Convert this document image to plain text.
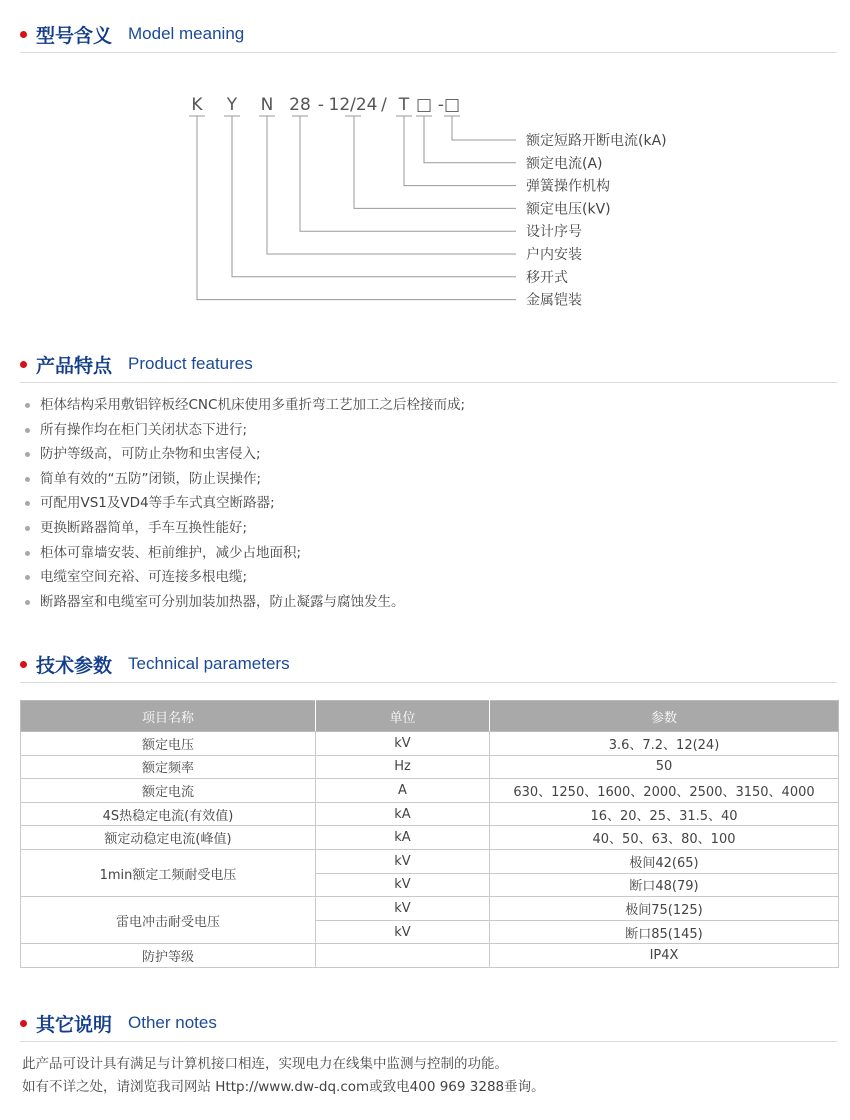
型号含义 Model meaning
K Y N 28 - 12/24 / T □ - □
额定短路开断电流(kA)
额定电流(A)
弹簧操作机构
额定电压(kV)
设计序号
户内安装
移开式
金属铠装
产品特点 Product features
柜体结构采用敷铝锌板经CNC机床使用多重折弯工艺加工之后栓接而成;
所有操作均在柜门关闭状态下进行;
防护等级高，可防止杂物和虫害侵入;
简单有效的“五防”闭锁，防止误操作;
可配用VS1及VD4等手车式真空断路器;
更换断路器简单，手车互换性能好;
柜体可靠墙安装、柜前维护，减少占地面积;
电缆室空间充裕、可连接多根电缆;
断路器室和电缆室可分别加装加热器，防止凝露与腐蚀发生。
技术参数 Technical parameters
项目名称	单位	参数
额定电压	kV	3.6、7.2、12(24)
额定频率	Hz	50
额定电流	A	630、1250、1600、2000、2500、3150、4000
4S热稳定电流(有效值)	kA	16、20、25、31.5、40
额定动稳定电流(峰值)	kA	40、50、63、80、100
1min额定工频耐受电压	kV	极间42(65)
	kV	断口48(79)
雷电冲击耐受电压	kV	极间75(125)
	kV	断口85(145)
防护等级		IP4X
其它说明 Other notes
此产品可设计具有满足与计算机接口相连，实现电力在线集中监测与控制的功能。
如有不详之处，请浏览我司网站 Http://www.dw-dq.com或致电400 969 3288垂询。
